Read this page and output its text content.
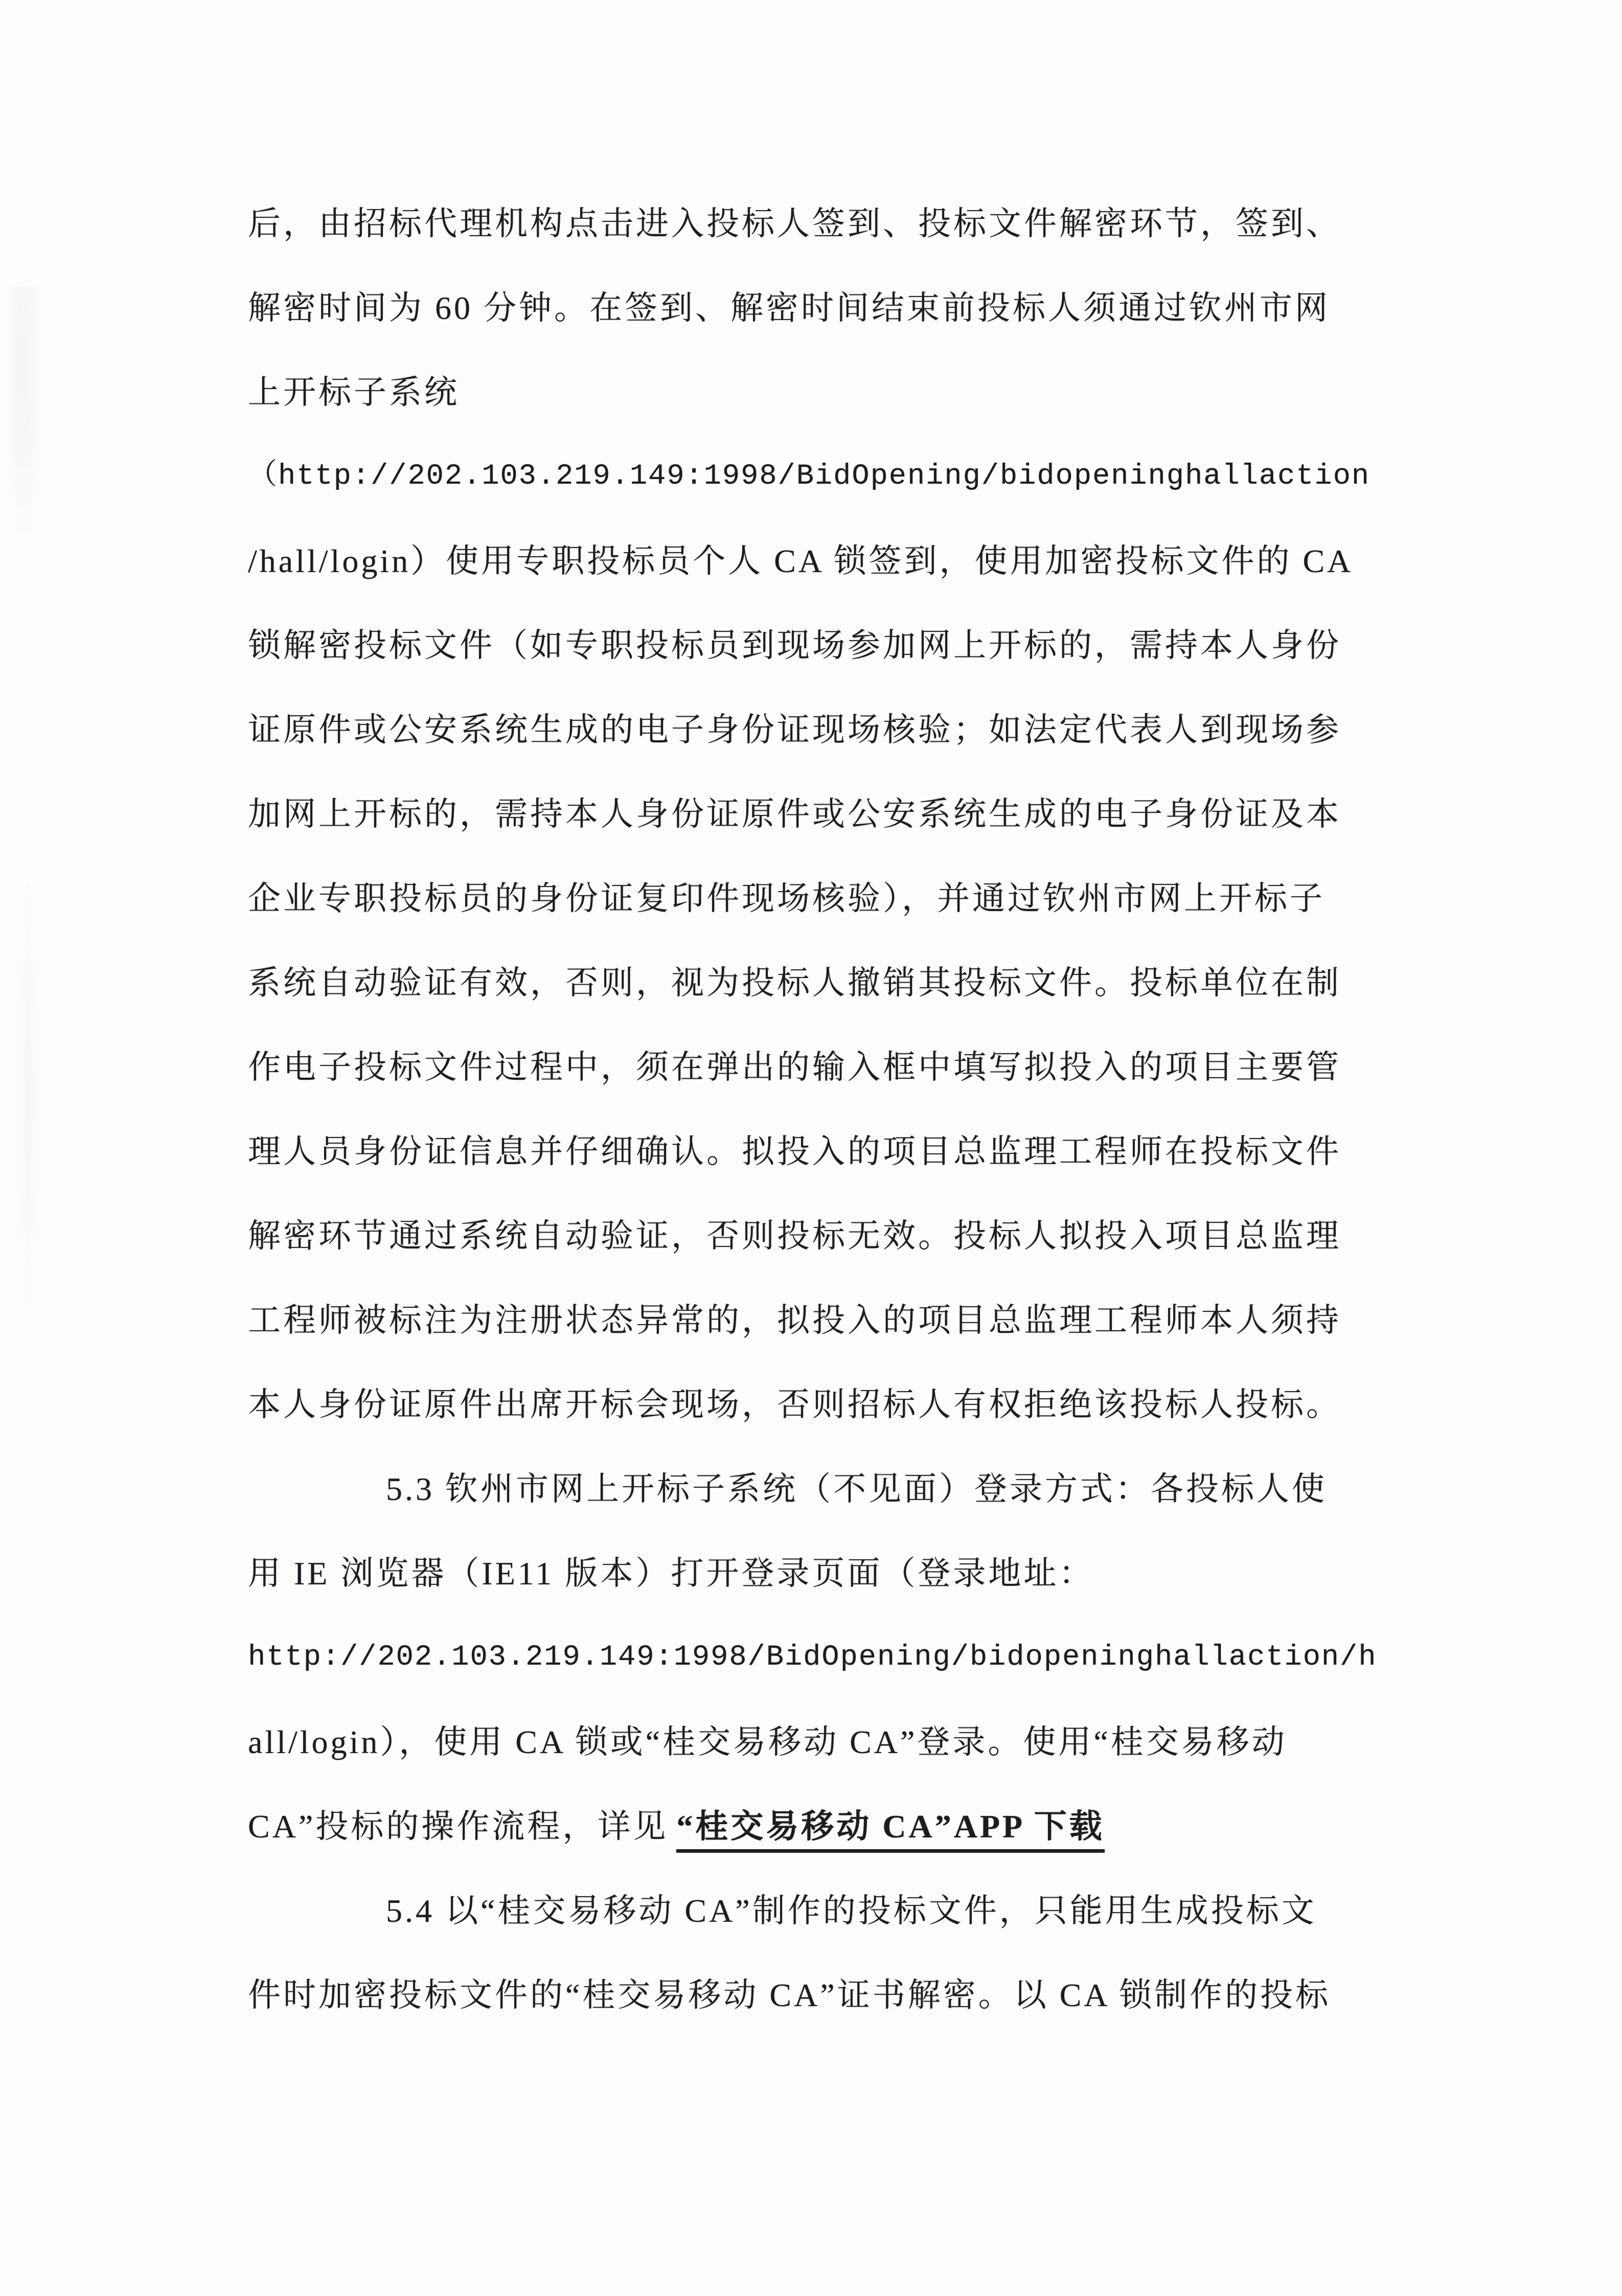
后，由招标代理机构点击进入投标人签到、投标文件解密环节，签到、
解密时间为 60 分钟。在签到、解密时间结束前投标人须通过钦州市网
上开标子系统
（http://202.103.219.149:1998/BidOpening/bidopeninghallaction
/hall/login）使用专职投标员个人 CA 锁签到，使用加密投标文件的 CA
锁解密投标文件（如专职投标员到现场参加网上开标的，需持本人身份
证原件或公安系统生成的电子身份证现场核验；如法定代表人到现场参
加网上开标的，需持本人身份证原件或公安系统生成的电子身份证及本
企业专职投标员的身份证复印件现场核验），并通过钦州市网上开标子
系统自动验证有效，否则，视为投标人撤销其投标文件。投标单位在制
作电子投标文件过程中，须在弹出的输入框中填写拟投入的项目主要管
理人员身份证信息并仔细确认。拟投入的项目总监理工程师在投标文件
解密环节通过系统自动验证，否则投标无效。投标人拟投入项目总监理
工程师被标注为注册状态异常的，拟投入的项目总监理工程师本人须持
本人身份证原件出席开标会现场，否则招标人有权拒绝该投标人投标。
5.3 钦州市网上开标子系统（不见面）登录方式：各投标人使
用 IE 浏览器（IE11 版本）打开登录页面（登录地址：
http://202.103.219.149:1998/BidOpening/bidopeninghallaction/h
all/login），使用 CA 锁或“桂交易移动 CA”登录。使用“桂交易移动
CA”投标的操作流程，详见 “桂交易移动 CA”APP 下载
5.4 以“桂交易移动 CA”制作的投标文件，只能用生成投标文
件时加密投标文件的“桂交易移动 CA”证书解密。以 CA 锁制作的投标
